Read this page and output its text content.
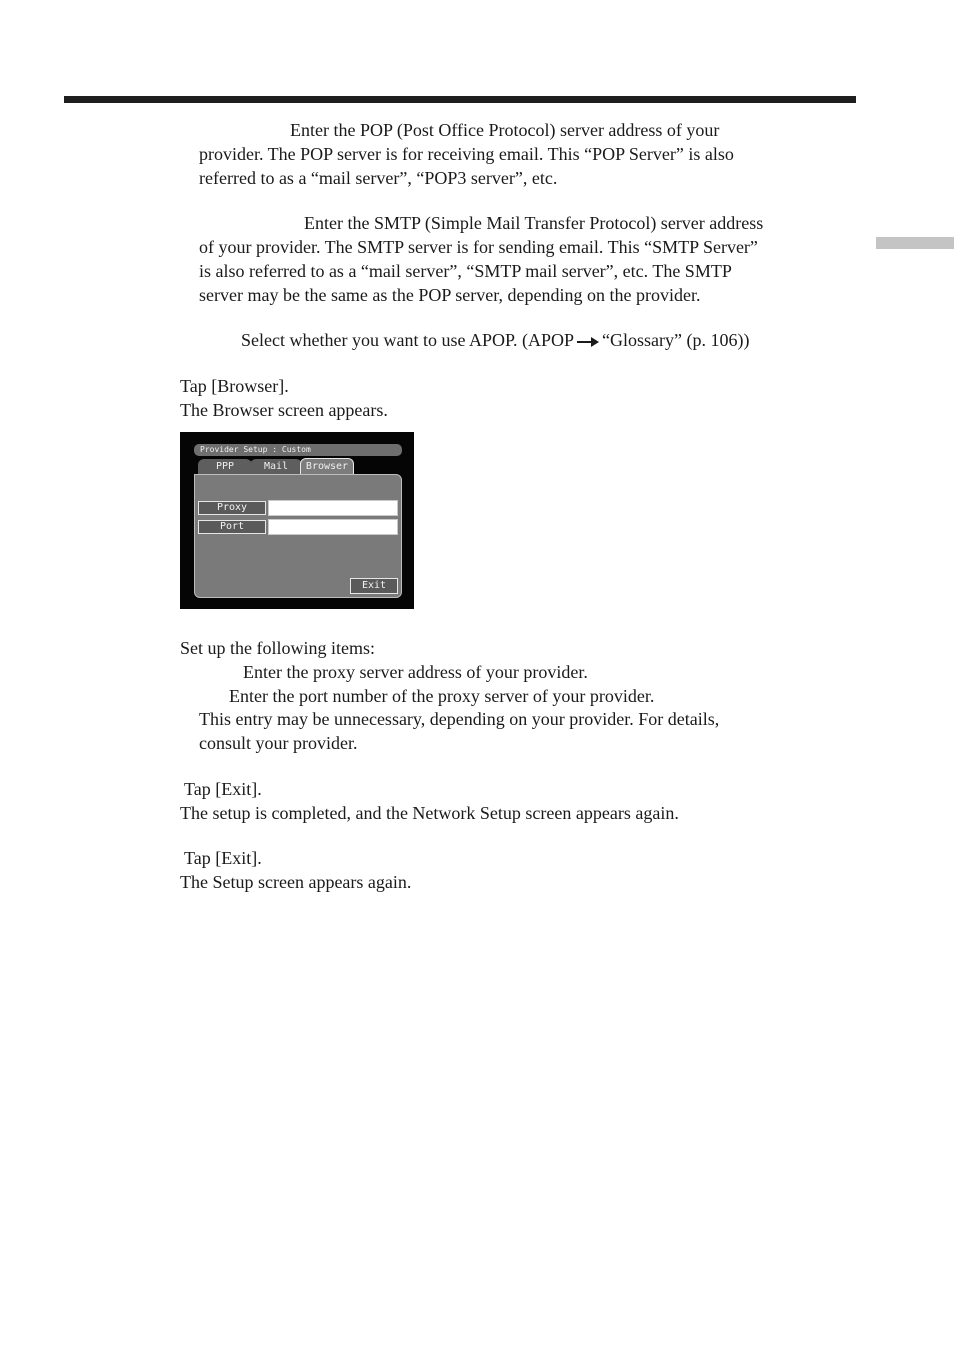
Enter the POP (Post Office Protocol) server address of your

provider. The POP server is for receiving email. This “POP Server” is also

referred to as a “mail server”, “POP3 server”, etc.

Enter the SMTP (Simple Mail Transfer Protocol) server address

of your provider. The SMTP server is for sending email. This “SMTP Server”

is also referred to as a “mail server”, “SMTP mail server”, etc. The SMTP

server may be the same as the POP server, depending on the provider.

Select whether you want to use APOP. (APOP “Glossary” (p. 106))

Tap [Browser].

The Browser screen appears.

Provider Setup : Custom
PPP	Mail	Browser
Proxy
Port
Exit

Set up the following items:

Enter the proxy server address of your provider.

Enter the port number of the proxy server of your provider.

This entry may be unnecessary, depending on your provider. For details,

consult your provider.

Tap [Exit].

The setup is completed, and the Network Setup screen appears again.

Tap [Exit].

The Setup screen appears again.
